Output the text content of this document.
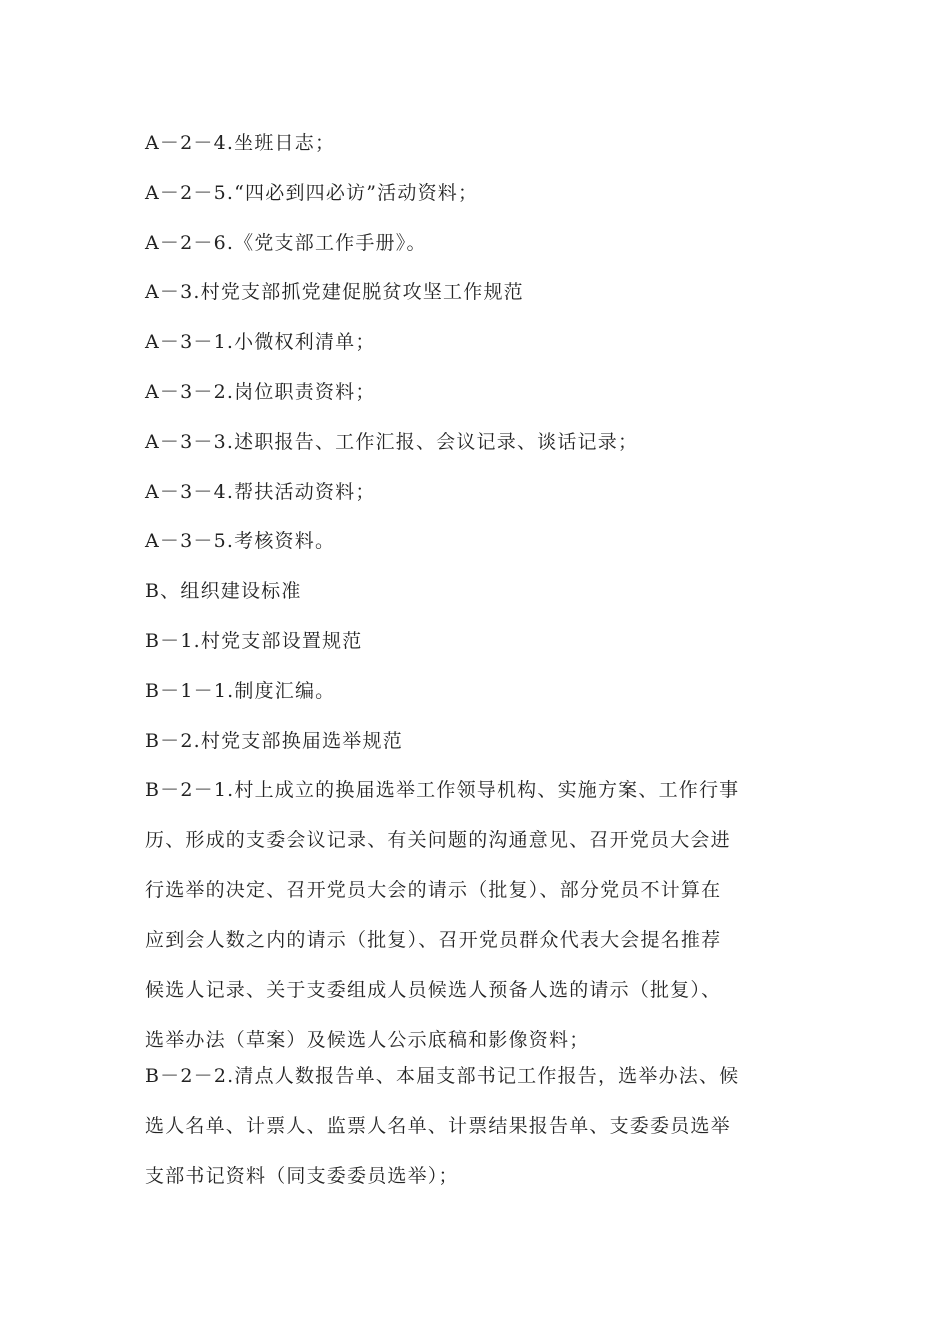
A－2－4.坐班日志；

A－2－5.“四必到四必访”活动资料；

A－2－6.《党支部工作手册》。

A－3.村党支部抓党建促脱贫攻坚工作规范

A－3－1.小微权利清单；

A－3－2.岗位职责资料；

A－3－3.述职报告、工作汇报、会议记录、谈话记录；

A－3－4.帮扶活动资料；

A－3－5.考核资料。

B、组织建设标准

B－1.村党支部设置规范

B－1－1.制度汇编。

B－2.村党支部换届选举规范

B－2－1.村上成立的换届选举工作领导机构、实施方案、工作行事

历、形成的支委会议记录、有关问题的沟通意见、召开党员大会进

行选举的决定、召开党员大会的请示（批复）、部分党员不计算在

应到会人数之内的请示（批复）、召开党员群众代表大会提名推荐

候选人记录、关于支委组成人员候选人预备人选的请示（批复）、

选举办法（草案）及候选人公示底稿和影像资料；

B－2－2.清点人数报告单、本届支部书记工作报告，选举办法、候

选人名单、计票人、监票人名单、计票结果报告单、支委委员选举

支部书记资料（同支委委员选举）；
